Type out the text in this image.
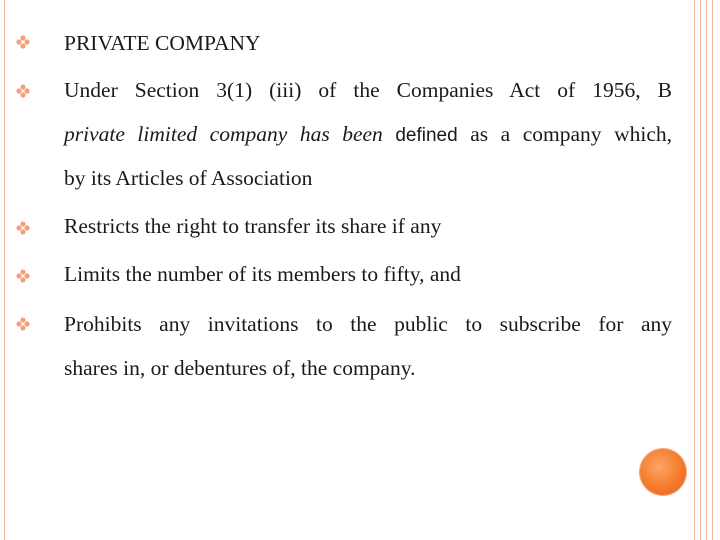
PRIVATE COMPANY
Under Section 3(1) (iii) of the Companies Act of 1956, B
private limited company has been defined as a company which,
by its Articles of Association
Restricts the right to transfer its share if any
Limits the number of its members to fifty, and
Prohibits any invitations to the public to subscribe for any
shares in, or debentures of, the company.
